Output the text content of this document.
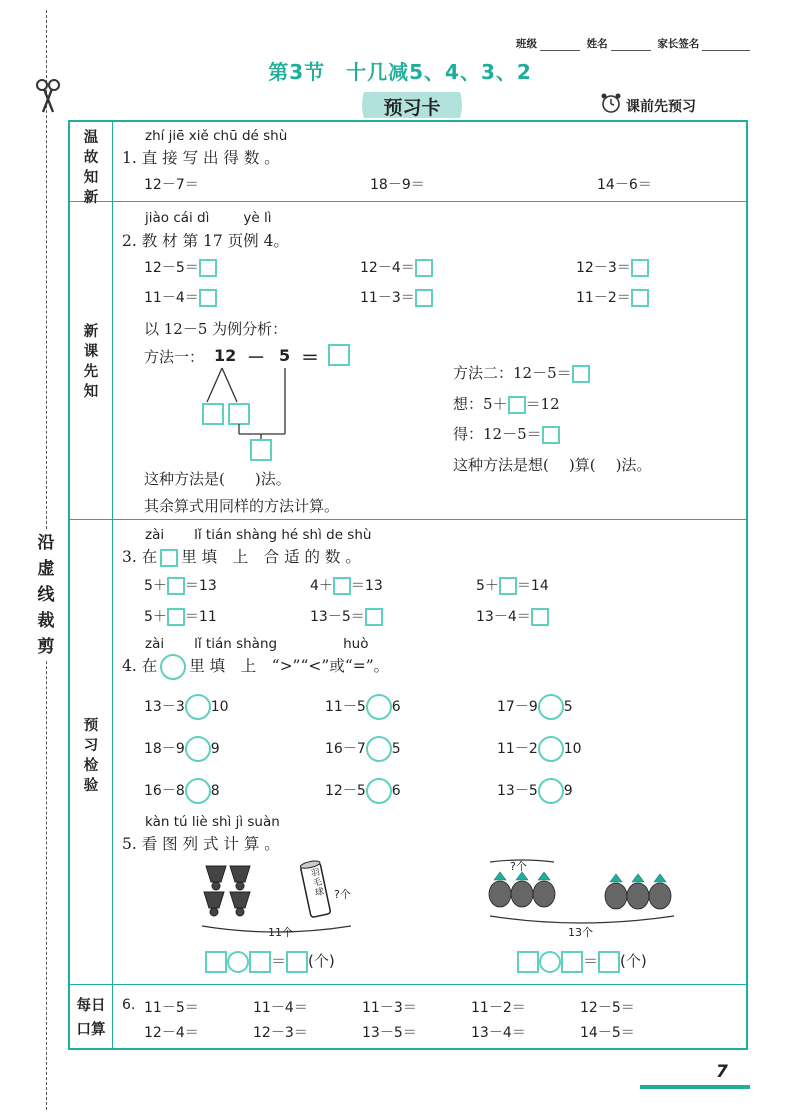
沿
虚
线
裁
剪
班级	姓名	家长签名
第3节　十几减5、4、3、2
预习卡	课前先预习
温
故
知
新
新
课
先
知
预
习
检
验
每日
口算
zhí jiē xiě chū dé shù
1. 直 接 写 出 得 数 。
12－7＝	18－9＝	14－6＝
jiào cái dì	yè lì
2. 教 材 第 17 页例 4。
12－5＝	12－4＝	12－3＝
11－4＝	11－3＝	11－2＝
以 12－5 为例分析：
方法一： 12 － 5 ＝
方法二：12－5＝
想：5＋ ＝12
得：12－5＝
这种方法是想( )算( )法。
这种方法是( )法。
其余算式用同样的方法计算。
zài lǐ tián shàng hé shì de shù
3. 在 里 填　上　合 适 的 数 。
5＋ ＝13	4＋ ＝13	5＋ ＝14
5＋ ＝11	13－5＝	13－4＝
zài lǐ tián shàng	huò
4. 在 里 填　上　“>”“<”或“=”。
13－3 10	11－5 6	17－9 5
18－9 9	16－7 5	11－2 10
16－8 8	12－5 6	13－5 9
kàn tú liè shì jì suàn
5. 看 图 列 式 计 算 。
羽毛球 ?个
11个
?个
13个
＝ (个)	＝ (个)
6. 11－5＝	11－4＝	11－3＝	11－2＝	12－5＝
12－4＝	12－3＝	13－5＝	13－4＝	14－5＝
7
